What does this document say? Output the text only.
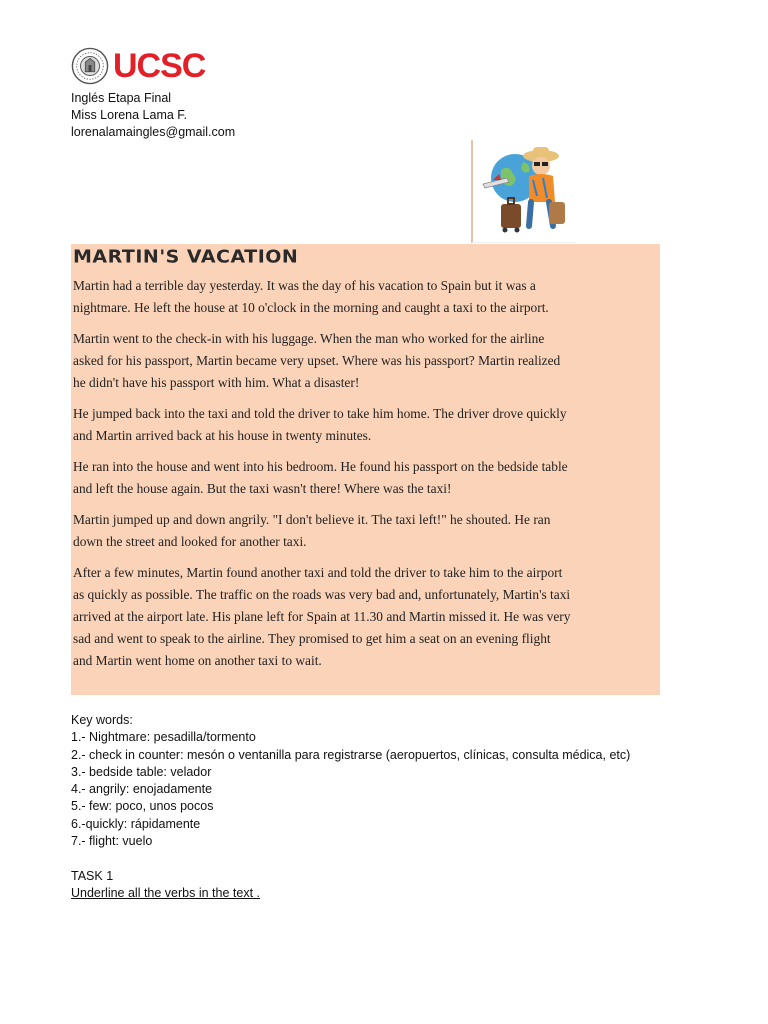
UCSC
Inglés Etapa Final
Miss Lorena Lama F.
lorenalamaingles@gmail.com
MARTIN'S VACATION

Martin had a terrible day yesterday. It was the day of his vacation to Spain but it was a
nightmare. He left the house at 10 o'clock in the morning and caught a taxi to the airport.

Martin went to the check-in with his luggage. When the man who worked for the airline
asked for his passport, Martin became very upset. Where was his passport? Martin realized
he didn't have his passport with him. What a disaster!

He jumped back into the taxi and told the driver to take him home. The driver drove quickly
and Martin arrived back at his house in twenty minutes.

He ran into the house and went into his bedroom. He found his passport on the bedside table
and left the house again. But the taxi wasn't there! Where was the taxi!

Martin jumped up and down angrily. "I don't believe it. The taxi left!" he shouted. He ran
down the street and looked for another taxi.

After a few minutes, Martin found another taxi and told the driver to take him to the airport
as quickly as possible. The traffic on the roads was very bad and, unfortunately, Martin's taxi
arrived at the airport late. His plane left for Spain at 11.30 and Martin missed it. He was very
sad and went to speak to the airline. They promised to get him a seat on an evening flight
and Martin went home on another taxi to wait.

Key words:
1.- Nightmare: pesadilla/tormento
2.- check in counter: mesón o ventanilla para registrarse (aeropuertos, clínicas, consulta médica, etc)
3.- bedside table: velador
4.- angrily: enojadamente
5.- few: poco, unos pocos
6.-quickly: rápidamente
7.- flight: vuelo
TASK 1
Underline all the verbs in the text .
